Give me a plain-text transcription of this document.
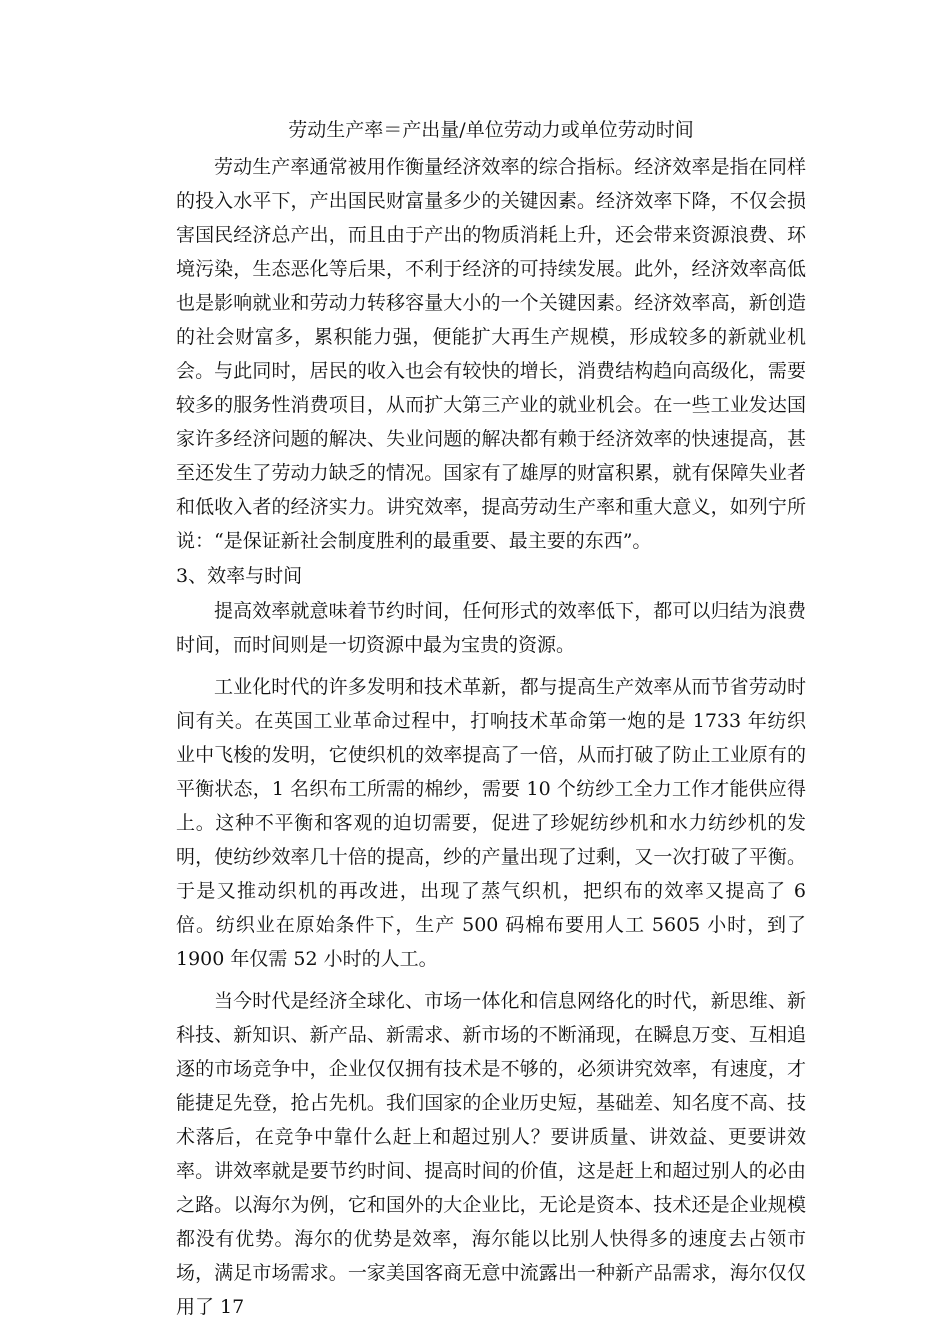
劳动生产率＝产出量/单位劳动力或单位劳动时间

劳动生产率通常被用作衡量经济效率的综合指标。经济效率是指在同样的投入水平下，产出国民财富量多少的关键因素。经济效率下降，不仅会损害国民经济总产出，而且由于产出的物质消耗上升，还会带来资源浪费、环境污染，生态恶化等后果，不利于经济的可持续发展。此外，经济效率高低也是影响就业和劳动力转移容量大小的一个关键因素。经济效率高，新创造的社会财富多，累积能力强，便能扩大再生产规模，形成较多的新就业机会。与此同时，居民的收入也会有较快的增长，消费结构趋向高级化，需要较多的服务性消费项目，从而扩大第三产业的就业机会。在一些工业发达国家许多经济问题的解决、失业问题的解决都有赖于经济效率的快速提高，甚至还发生了劳动力缺乏的情况。国家有了雄厚的财富积累，就有保障失业者和低收入者的经济实力。讲究效率，提高劳动生产率和重大意义，如列宁所说：“是保证新社会制度胜利的最重要、最主要的东西”。

3、效率与时间

提高效率就意味着节约时间，任何形式的效率低下，都可以归结为浪费时间，而时间则是一切资源中最为宝贵的资源。

工业化时代的许多发明和技术革新，都与提高生产效率从而节省劳动时间有关。在英国工业革命过程中，打响技术革命第一炮的是 1733 年纺织业中飞梭的发明，它使织机的效率提高了一倍，从而打破了防止工业原有的平衡状态，1 名织布工所需的棉纱，需要 10 个纺纱工全力工作才能供应得上。这种不平衡和客观的迫切需要，促进了珍妮纺纱机和水力纺纱机的发明，使纺纱效率几十倍的提高，纱的产量出现了过剩，又一次打破了平衡。于是又推动织机的再改进，出现了蒸气织机，把织布的效率又提高了 6 倍。纺织业在原始条件下，生产 500 码棉布要用人工 5605 小时，到了 1900 年仅需 52 小时的人工。

当今时代是经济全球化、市场一体化和信息网络化的时代，新思维、新科技、新知识、新产品、新需求、新市场的不断涌现，在瞬息万变、互相追逐的市场竞争中，企业仅仅拥有技术是不够的，必须讲究效率，有速度，才能捷足先登，抢占先机。我们国家的企业历史短，基础差、知名度不高、技术落后，在竞争中靠什么赶上和超过别人？要讲质量、讲效益、更要讲效率。讲效率就是要节约时间、提高时间的价值，这是赶上和超过别人的必由之路。以海尔为例，它和国外的大企业比，无论是资本、技术还是企业规模都没有优势。海尔的优势是效率，海尔能以比别人快得多的速度去占领市场，满足市场需求。一家美国客商无意中流露出一种新产品需求，海尔仅仅用了 17
